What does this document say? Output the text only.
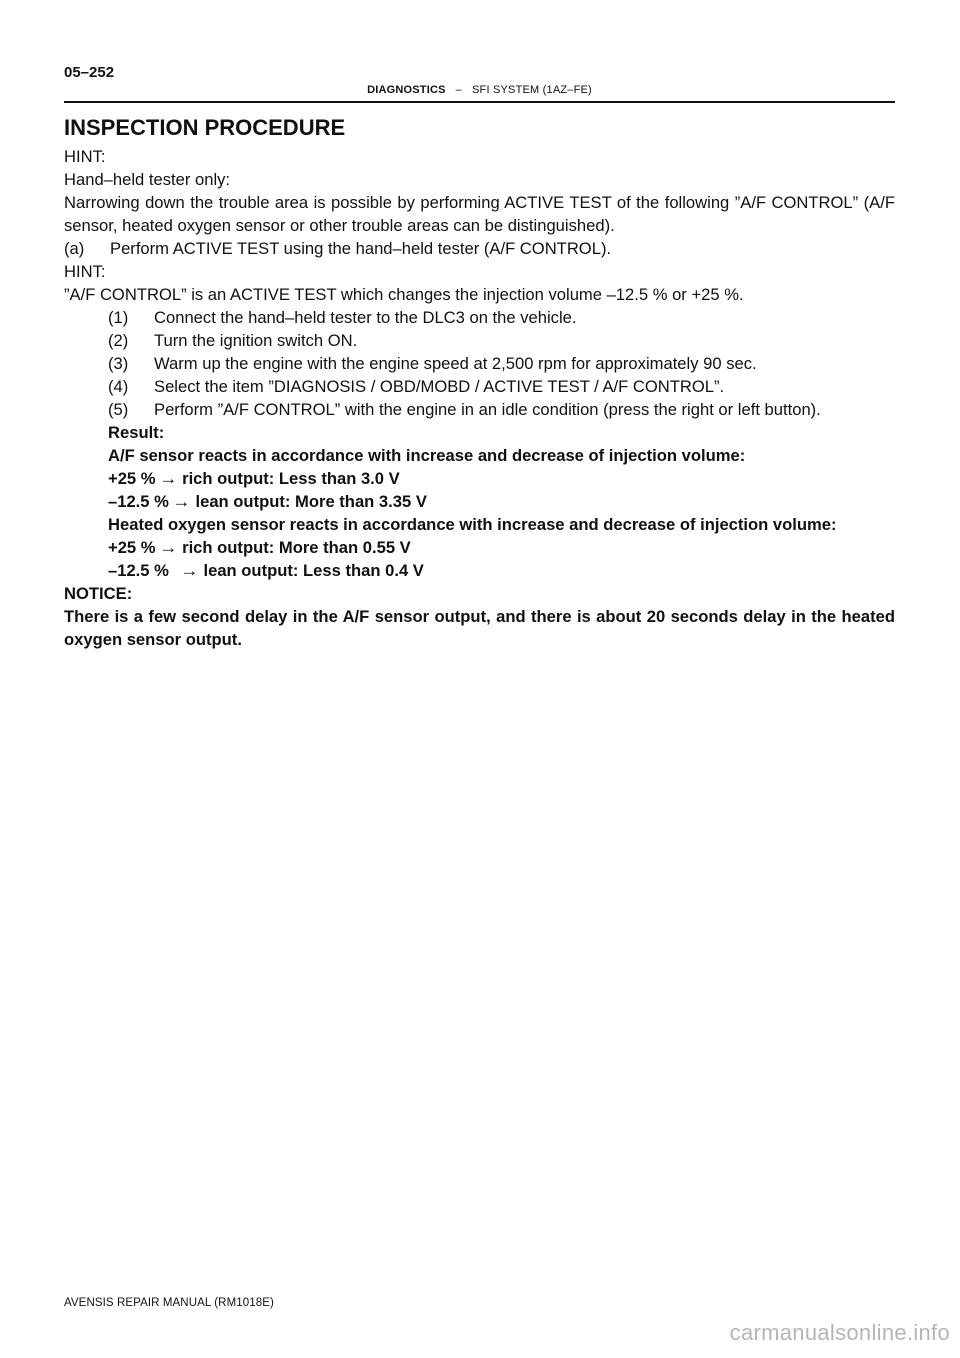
05–252
DIAGNOSTICS – SFI SYSTEM (1AZ–FE)
INSPECTION PROCEDURE

HINT:

Hand–held tester only:

Narrowing down the trouble area is possible by performing ACTIVE TEST of the following ”A/F CONTROL” (A/F sensor, heated oxygen sensor or other trouble areas can be distinguished).

(a) Perform ACTIVE TEST using the hand–held tester (A/F CONTROL).

HINT:

”A/F CONTROL” is an ACTIVE TEST which changes the injection volume –12.5 % or +25 %.

(1) Connect the hand–held tester to the DLC3 on the vehicle.

(2) Turn the ignition switch ON.

(3) Warm up the engine with the engine speed at 2,500 rpm for approximately 90 sec.

(4) Select the item ”DIAGNOSIS / OBD/MOBD / ACTIVE TEST / A/F CONTROL”.

(5) Perform ”A/F CONTROL” with the engine in an idle condition (press the right or left button).

Result:

A/F sensor reacts in accordance with increase and decrease of injection volume:

+25 % → rich output: Less than 3.0 V

–12.5 % → lean output: More than 3.35 V

Heated oxygen sensor reacts in accordance with increase and decrease of injection volume:

+25 % → rich output: More than 0.55 V

–12.5 % → lean output: Less than 0.4 V

NOTICE:

There is a few second delay in the A/F sensor output, and there is about 20 seconds delay in the heated oxygen sensor output.

AVENSIS REPAIR MANUAL (RM1018E)
carmanualsonline.info
